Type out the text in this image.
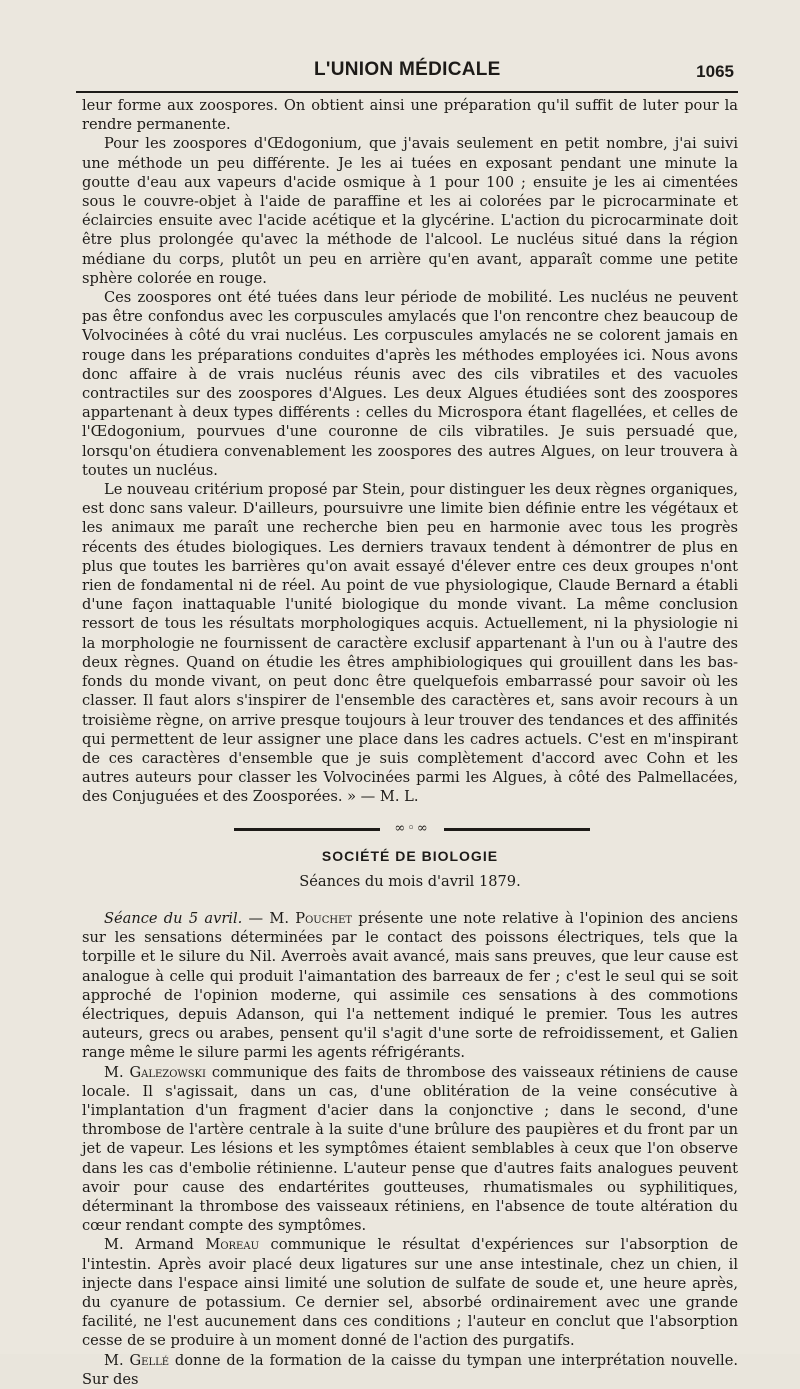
L'UNION MÉDICALE	1065

leur forme aux zoospores. On obtient ainsi une préparation qu'il suffit de luter pour la rendre permanente.

Pour les zoospores d'Œdogonium, que j'avais seulement en petit nombre, j'ai suivi une méthode un peu différente. Je les ai tuées en exposant pendant une minute la goutte d'eau aux vapeurs d'acide osmique à 1 pour 100 ; ensuite je les ai cimentées sous le couvre-objet à l'aide de paraffine et les ai colorées par le picrocarminate et éclaircies ensuite avec l'acide acétique et la glycérine. L'action du picrocarminate doit être plus prolongée qu'avec la méthode de l'alcool. Le nucléus situé dans la région médiane du corps, plutôt un peu en arrière qu'en avant, apparaît comme une petite sphère colorée en rouge.

Ces zoospores ont été tuées dans leur période de mobilité. Les nucléus ne peuvent pas être confondus avec les corpuscules amylacés que l'on rencontre chez beaucoup de Volvocinées à côté du vrai nucléus. Les corpuscules amylacés ne se colorent jamais en rouge dans les préparations conduites d'après les méthodes employées ici. Nous avons donc affaire à de vrais nucléus réunis avec des cils vibratiles et des vacuoles contractiles sur des zoospores d'Algues. Les deux Algues étudiées sont des zoospores appartenant à deux types différents : celles du Microspora étant flagellées, et celles de l'Œdogonium, pourvues d'une couronne de cils vibratiles. Je suis persuadé que, lorsqu'on étudiera convenablement les zoospores des autres Algues, on leur trouvera à toutes un nucléus.

Le nouveau critérium proposé par Stein, pour distinguer les deux règnes organiques, est donc sans valeur. D'ailleurs, poursuivre une limite bien définie entre les végétaux et les animaux me paraît une recherche bien peu en harmonie avec tous les progrès récents des études biologiques. Les derniers travaux tendent à démontrer de plus en plus que toutes les barrières qu'on avait essayé d'élever entre ces deux groupes n'ont rien de fondamental ni de réel. Au point de vue physiologique, Claude Bernard a établi d'une façon inattaquable l'unité biologique du monde vivant. La même conclusion ressort de tous les résultats morphologiques acquis. Actuellement, ni la physiologie ni la morphologie ne fournissent de caractère exclusif appartenant à l'un ou à l'autre des deux règnes. Quand on étudie les êtres amphibiologiques qui grouillent dans les bas-fonds du monde vivant, on peut donc être quelquefois embarrassé pour savoir où les classer. Il faut alors s'inspirer de l'ensemble des caractères et, sans avoir recours à un troisième règne, on arrive presque toujours à leur trouver des tendances et des affinités qui permettent de leur assigner une place dans les cadres actuels. C'est en m'inspirant de ces caractères d'ensemble que je suis complètement d'accord avec Cohn et les autres auteurs pour classer les Volvocinées parmi les Algues, à côté des Palmellacées, des Conjuguées et des Zoosporées. » — M. L.

∞◦∞
SOCIÉTÉ DE BIOLOGIE
Séances du mois d'avril 1879.

Séance du 5 avril. — M. Pouchet présente une note relative à l'opinion des anciens sur les sensations déterminées par le contact des poissons électriques, tels que la torpille et le silure du Nil. Averroès avait avancé, mais sans preuves, que leur cause est analogue à celle qui produit l'aimantation des barreaux de fer ; c'est le seul qui se soit approché de l'opinion moderne, qui assimile ces sensations à des commotions électriques, depuis Adanson, qui l'a nettement indiqué le premier. Tous les autres auteurs, grecs ou arabes, pensent qu'il s'agit d'une sorte de refroidissement, et Galien range même le silure parmi les agents réfrigérants.

M. Galezowski communique des faits de thrombose des vaisseaux rétiniens de cause locale. Il s'agissait, dans un cas, d'une oblitération de la veine consécutive à l'implantation d'un fragment d'acier dans la conjonctive ; dans le second, d'une thrombose de l'artère centrale à la suite d'une brûlure des paupières et du front par un jet de vapeur. Les lésions et les symptômes étaient semblables à ceux que l'on observe dans les cas d'embolie rétinienne. L'auteur pense que d'autres faits analogues peuvent avoir pour cause des endartérites goutteuses, rhumatismales ou syphilitiques, déterminant la thrombose des vaisseaux rétiniens, en l'absence de toute altération du cœur rendant compte des symptômes.

M. Armand Moreau communique le résultat d'expériences sur l'absorption de l'intestin. Après avoir placé deux ligatures sur une anse intestinale, chez un chien, il injecte dans l'espace ainsi limité une solution de sulfate de soude et, une heure après, du cyanure de potassium. Ce dernier sel, absorbé ordinairement avec une grande facilité, ne l'est aucunement dans ces conditions ; l'auteur en conclut que l'absorption cesse de se produire à un moment donné de l'action des purgatifs.

M. Gellé donne de la formation de la caisse du tympan une interprétation nouvelle. Sur des
